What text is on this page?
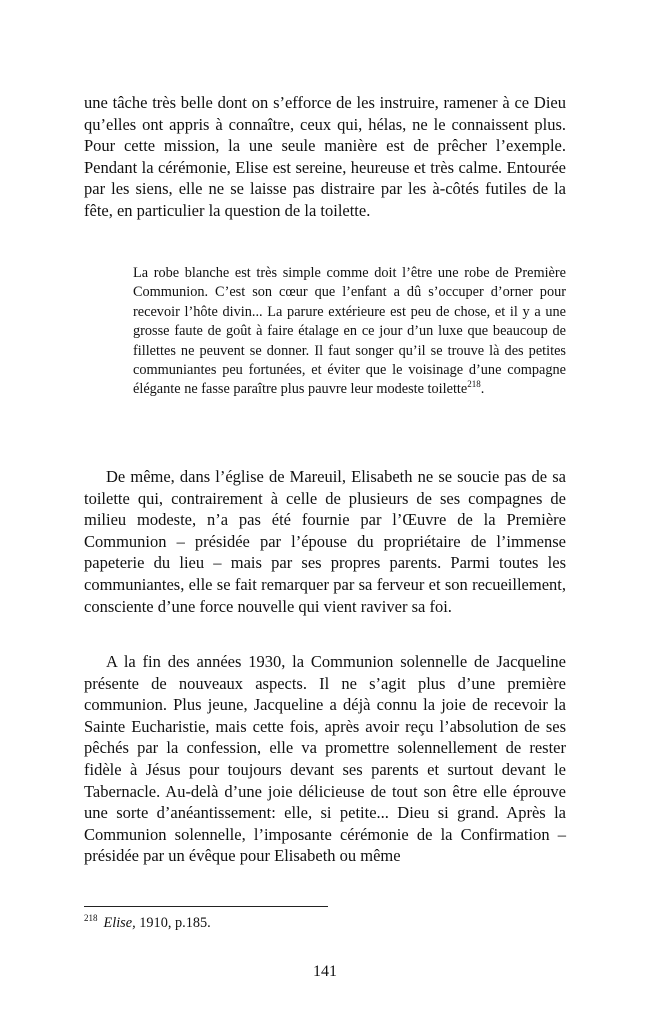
une tâche très belle dont on s’efforce de les instruire, ramener à ce Dieu qu’elles ont appris à connaître, ceux qui, hélas, ne le connaissent plus. Pour cette mission, la une seule manière est de prêcher l’exemple. Pendant la cérémonie, Elise est sereine, heureuse et très calme. Entourée par les siens, elle ne se laisse pas distraire par les à-côtés futiles de la fête, en particulier la question de la toilette.

La robe blanche est très simple comme doit l’être une robe de Première Communion. C’est son cœur que l’enfant a dû s’occuper d’orner pour recevoir l’hôte divin... La parure extérieure est peu de chose, et il y a une grosse faute de goût à faire étalage en ce jour d’un luxe que beaucoup de fillettes ne peuvent se donner. Il faut songer qu’il se trouve là des petites communiantes peu fortunées, et éviter que le voisinage d’une compagne élégante ne fasse paraître plus pauvre leur modeste toilette$^{218}$.

De même, dans l’église de Mareuil, Elisabeth ne se soucie pas de sa toilette qui, contrairement à celle de plusieurs de ses compagnes de milieu modeste, n’a pas été fournie par l’Œuvre de la Première Communion – présidée par l’épouse du propriétaire de l’immense papeterie du lieu – mais par ses propres parents. Parmi toutes les communiantes, elle se fait remarquer par sa ferveur et son recueillement, consciente d’une force nouvelle qui vient raviver sa foi.

A la fin des années 1930, la Communion solennelle de Jacqueline présente de nouveaux aspects. Il ne s’agit plus d’une première communion. Plus jeune, Jacqueline a déjà connu la joie de recevoir la Sainte Eucharistie, mais cette fois, après avoir reçu l’absolution de ses pêchés par la confession, elle va promettre solennellement de rester fidèle à Jésus pour toujours devant ses parents et surtout devant le Tabernacle. Au-delà d’une joie délicieuse de tout son être elle éprouve une sorte d’anéantissement: elle, si petite... Dieu si grand. Après la Communion solennelle, l’imposante cérémonie de la Confirmation – présidée par un évêque pour Elisabeth ou même

$^{218}$ Elise, 1910, p.185.

141
